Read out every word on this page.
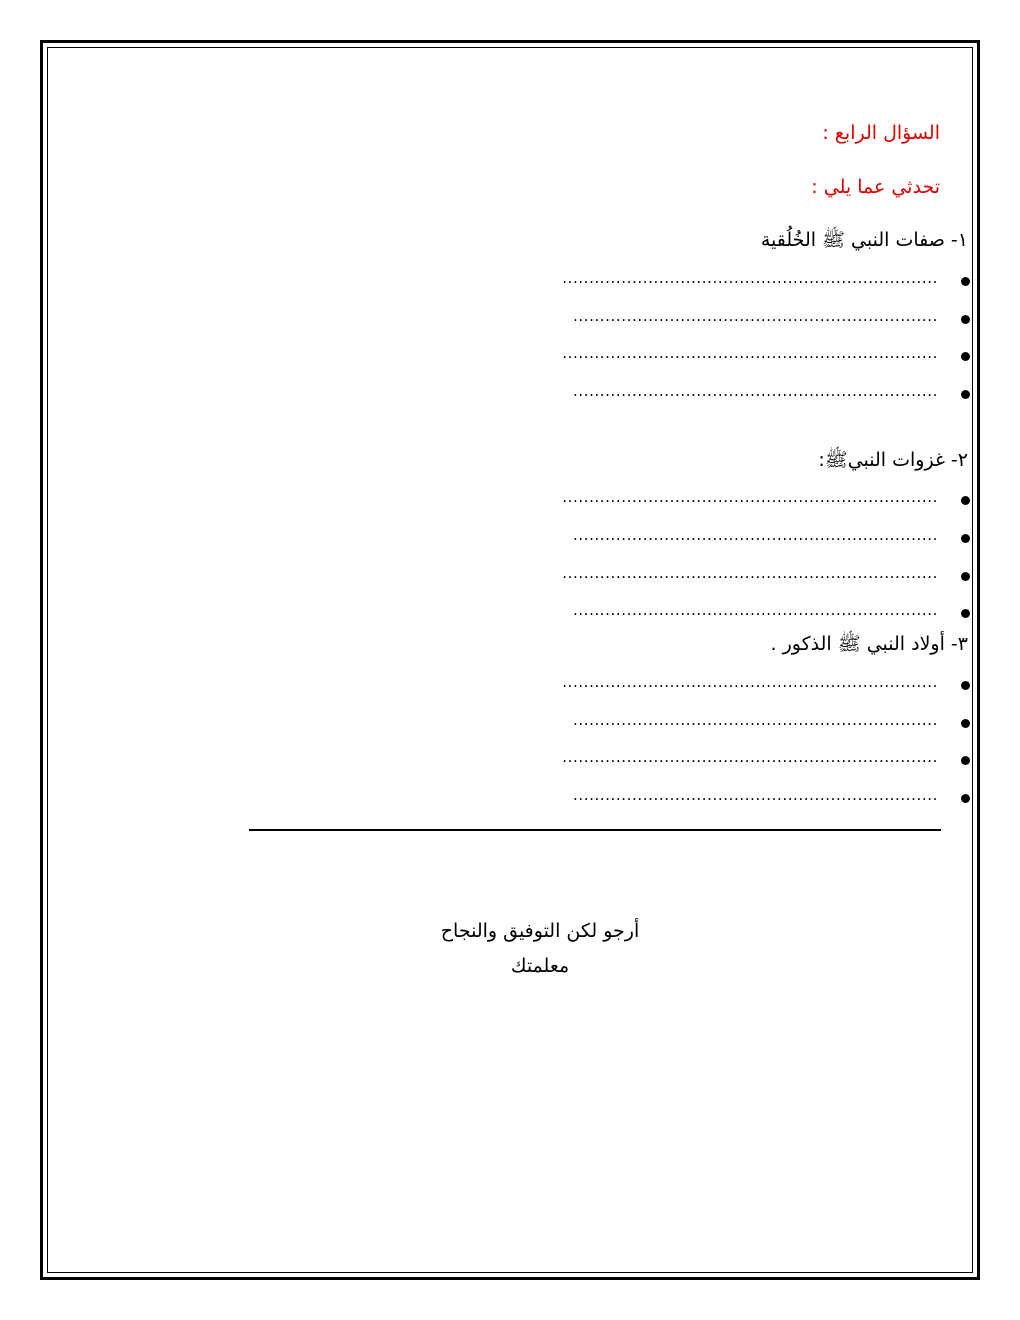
السؤال الرابع :
تحدثي عما يلي :
١- صفات النبي ﷺ الخُلُقية
......................................................................
....................................................................
......................................................................
....................................................................
٢- غزوات النبيﷺ:
......................................................................
....................................................................
......................................................................
....................................................................
٣- أولاد النبي ﷺ الذكور .
......................................................................
....................................................................
......................................................................
....................................................................
أرجو لكن التوفيق والنجاح
معلمتك
